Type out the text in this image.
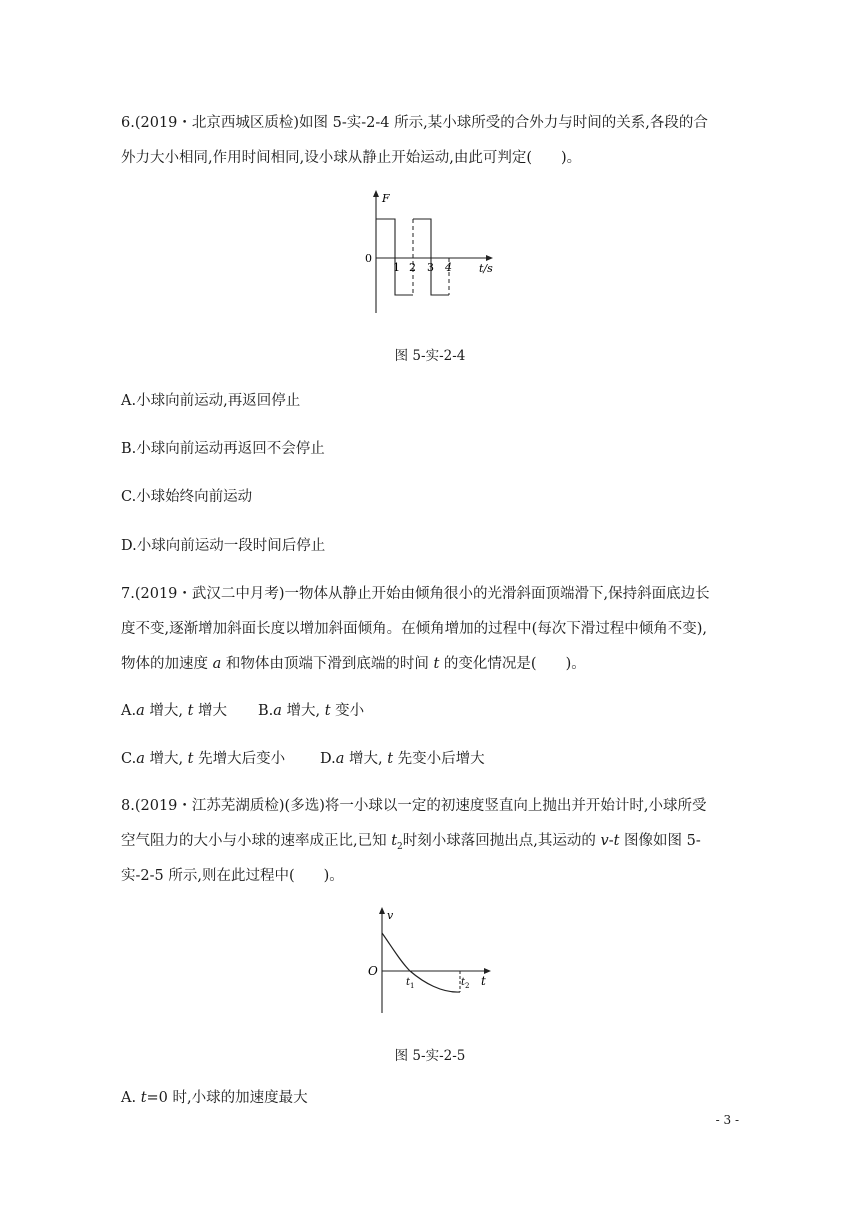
6.(2019・北京西城区质检)如图 5-实-2-4 所示,某小球所受的合外力与时间的关系,各段的合
外力大小相同,作用时间相同,设小球从静止开始运动,由此可判定(　　)。
F
0
1 2 3 4 t/s
图 5-实-2-4
A.小球向前运动,再返回停止
B.小球向前运动再返回不会停止
C.小球始终向前运动
D.小球向前运动一段时间后停止
7.(2019・武汉二中月考)一物体从静止开始由倾角很小的光滑斜面顶端滑下,保持斜面底边长
度不变,逐渐增加斜面长度以增加斜面倾角。在倾角增加的过程中(每次下滑过程中倾角不变),
物体的加速度 a 和物体由顶端下滑到底端的时间 t 的变化情况是(　　)。
A.a 增大, t 增大 B.a 增大, t 变小
C.a 增大, t 先增大后变小 D.a 增大, t 先变小后增大
8.(2019・江苏芜湖质检)(多选)将一小球以一定的初速度竖直向上抛出并开始计时,小球所受
空气阻力的大小与小球的速率成正比,已知 $t_2$时刻小球落回抛出点,其运动的 v-t 图像如图 5-
实-2-5 所示,则在此过程中(　　)。
v
O
$t_1$	$t_2$ t
图 5-实-2-5
A. t=0 时,小球的加速度最大
- 3 -
